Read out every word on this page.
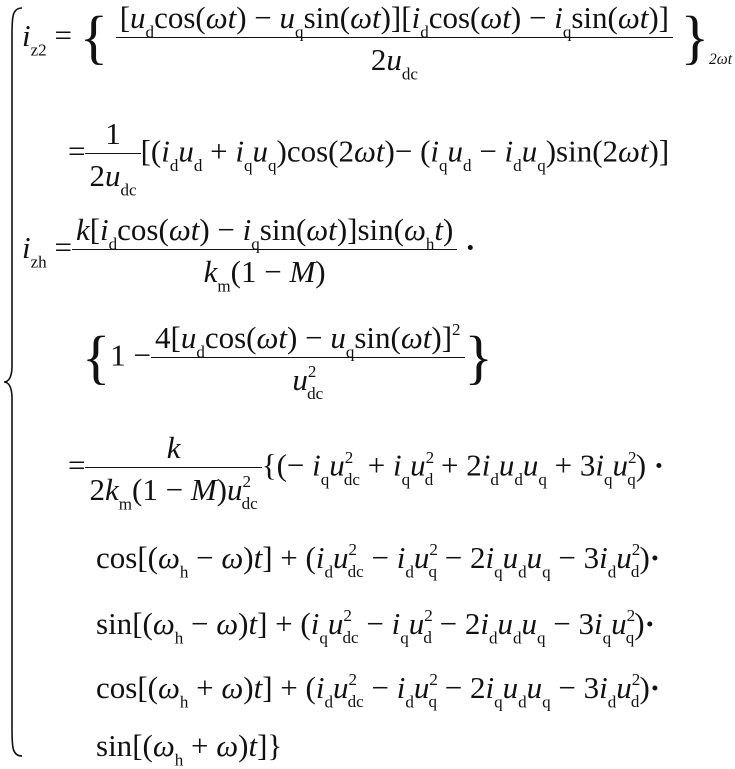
$i_{z2}$ = { $\frac{[u_d\cos(\omega t) - u_q\sin(\omega t)][i_d\cos(\omega t) - i_q\sin(\omega t)]}{2u_{dc}} \}_{2\omega t}$
= $\frac{1}{2u_{dc}} [(i_du_d + i_qu_q)\cos(2\omega t)- (i_qu_d - i_du_q)\sin(2\omega t)]$
$i_{zh} = \frac{k[i_d\cos(\omega t) - i_q\sin(\omega t)]\sin(\omega_ht)}{k_m(1 - M)}$ ·
{$1 - \frac{4[u_d\cos(\omega t) - u_q\sin(\omega t)]^2}{u^2_{dc}}$ }
= $\frac{k}{2k_m(1 - M)u^2_{dc}}$ {(− $i_qu^2_{dc} + i_qu^2_d + 2i_du_du_q + 3i_qu^2_q$) ·
$\cos[(\omega_h - \omega)t] + (i_du^2_{dc} - i_du^2_q - 2i_qu_du_q - 3i_du^2_d)\cdot$
$\sin[(\omega_h - \omega)t] + (i_qu^2_{dc} - i_qu^2_d - 2i_du_du_q - 3i_qu^2_q)\cdot$
$\cos[(\omega_h + \omega)t] + (i_du^2_{dc} - i_du^2_q - 2i_qu_du_q - 3i_du^2_d)\cdot$
$\sin[(\omega_h + \omega)t]$}
